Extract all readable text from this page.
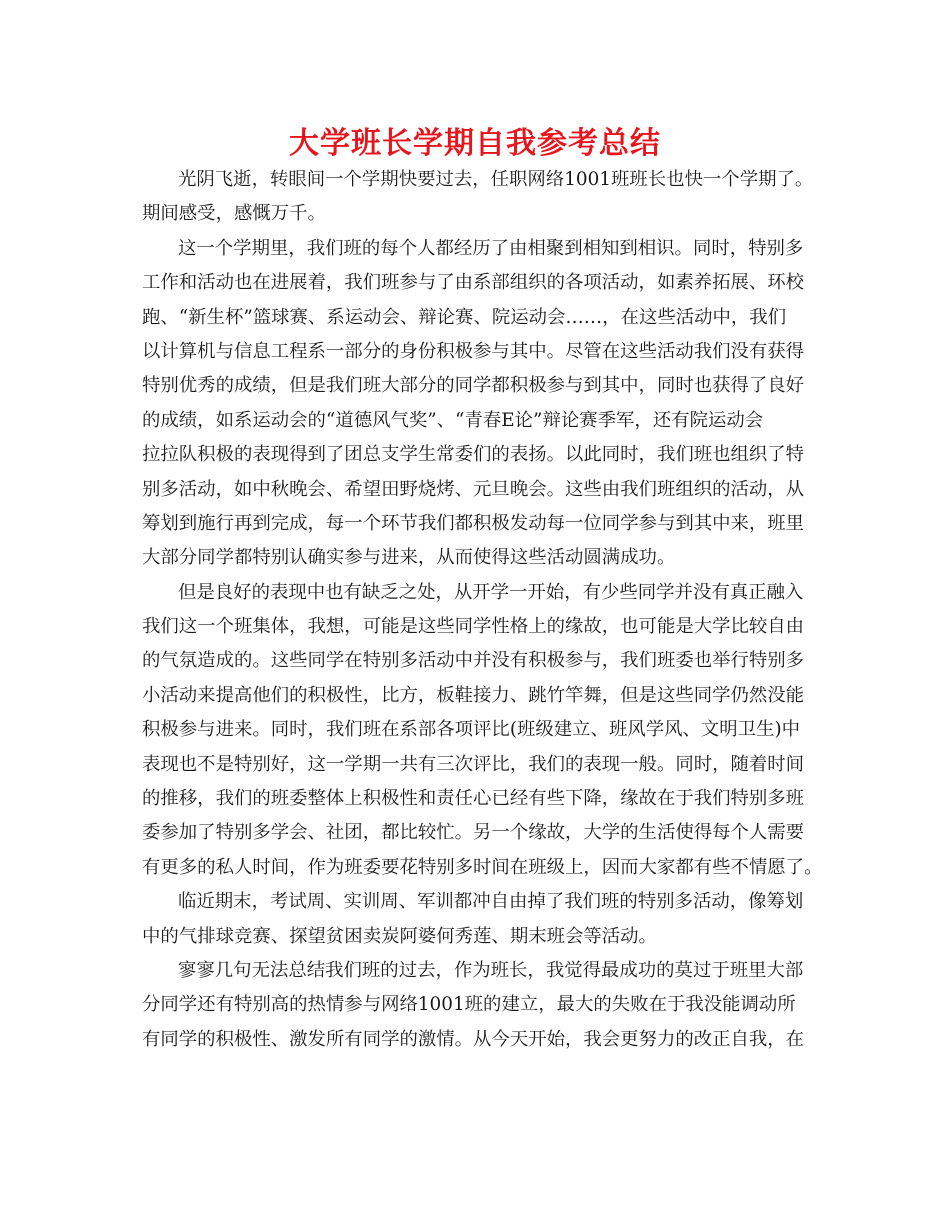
大学班长学期自我参考总结
光阴飞逝，转眼间一个学期快要过去，任职网络1001班班长也快一个学期了。
期间感受，感慨万千。
这一个学期里，我们班的每个人都经历了由相聚到相知到相识。同时，特别多
工作和活动也在进展着，我们班参与了由系部组织的各项活动，如素养拓展、环校
跑、“新生杯”篮球赛、系运动会、辩论赛、院运动会……，在这些活动中，我们
以计算机与信息工程系一部分的身份积极参与其中。尽管在这些活动我们没有获得
特别优秀的成绩，但是我们班大部分的同学都积极参与到其中，同时也获得了良好
的成绩，如系运动会的“道德风气奖”、“青春E论”辩论赛季军，还有院运动会
拉拉队积极的表现得到了团总支学生常委们的表扬。以此同时，我们班也组织了特
别多活动，如中秋晚会、希望田野烧烤、元旦晚会。这些由我们班组织的活动，从
筹划到施行再到完成，每一个环节我们都积极发动每一位同学参与到其中来，班里
大部分同学都特别认确实参与进来，从而使得这些活动圆满成功。
但是良好的表现中也有缺乏之处，从开学一开始，有少些同学并没有真正融入
我们这一个班集体，我想，可能是这些同学性格上的缘故，也可能是大学比较自由
的气氛造成的。这些同学在特别多活动中并没有积极参与，我们班委也举行特别多
小活动来提高他们的积极性，比方，板鞋接力、跳竹竿舞，但是这些同学仍然没能
积极参与进来。同时，我们班在系部各项评比(班级建立、班风学风、文明卫生)中
表现也不是特别好，这一学期一共有三次评比，我们的表现一般。同时，随着时间
的推移，我们的班委整体上积极性和责任心已经有些下降，缘故在于我们特别多班
委参加了特别多学会、社团，都比较忙。另一个缘故，大学的生活使得每个人需要
有更多的私人时间，作为班委要花特别多时间在班级上，因而大家都有些不情愿了。
临近期末，考试周、实训周、军训都冲自由掉了我们班的特别多活动，像筹划
中的气排球竞赛、探望贫困卖炭阿婆何秀莲、期末班会等活动。
寥寥几句无法总结我们班的过去，作为班长，我觉得最成功的莫过于班里大部
分同学还有特别高的热情参与网络1001班的建立，最大的失败在于我没能调动所
有同学的积极性、激发所有同学的激情。从今天开始，我会更努力的改正自我，在
